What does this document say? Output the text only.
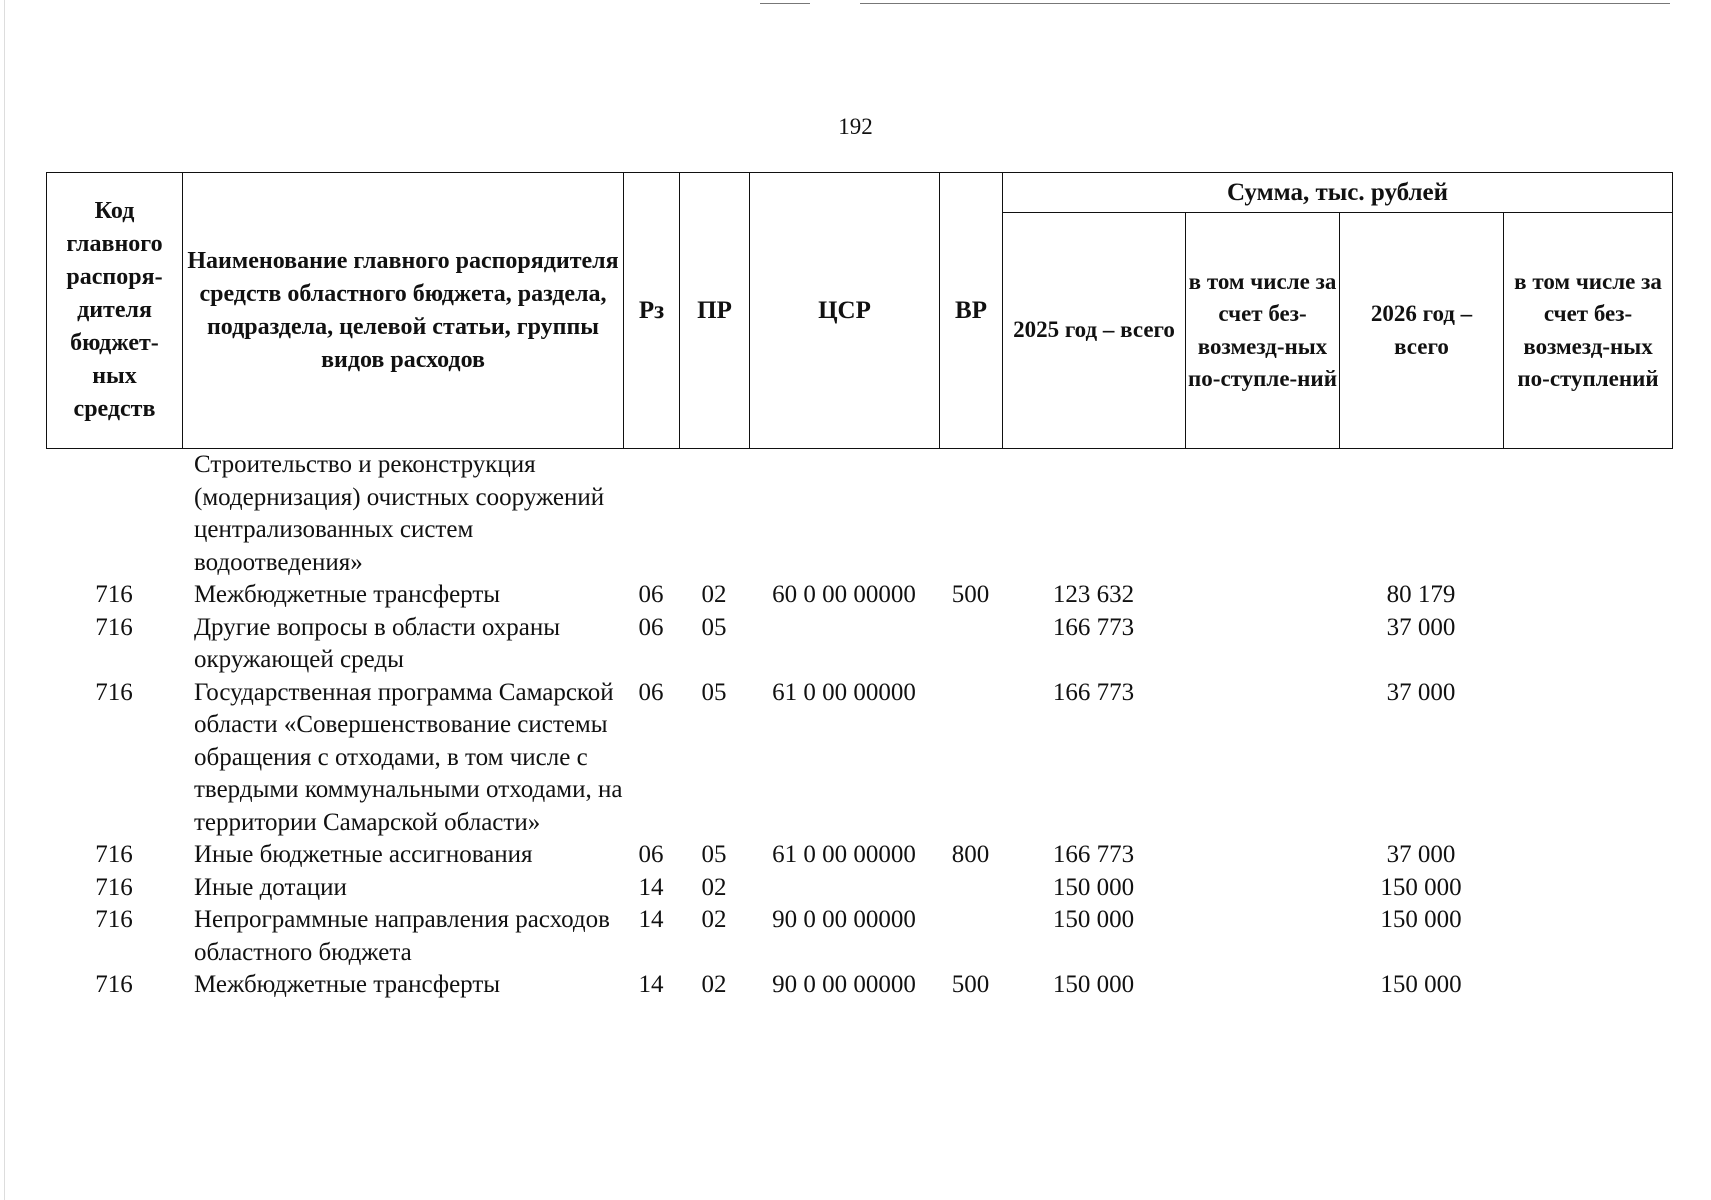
192
Код главного распоря-дителя бюджет-ных средств	Наименование главного распорядителя средств областного бюджета, раздела, подраздела, целевой статьи, группы видов расходов	Рз	ПР	ЦСР	ВР	Сумма, тыс. рублей			
						2025 год – всего	в том числе за счет без-возмезд-ных по-ступле-ний	2026 год – всего	в том числе за счет без-возмезд-ных по-ступлений
	Строительство и реконструкция (модернизация) очистных сооружений централизованных систем водоотведения»								

716	Межбюджетные трансферты	06	02	60 0 00 00000	500	123 632		80 179	

716	Другие вопросы в области охраны окружающей среды	06	05			166 773		37 000	

716	Государственная программа Самарской области «Совершенствование системы обращения с отходами, в том числе с твердыми коммунальными отходами, на территории Самарской области»	06	05	61 0 00 00000		166 773		37 000	

716	Иные бюджетные ассигнования	06	05	61 0 00 00000	800	166 773		37 000	

716	Иные дотации	14	02			150 000		150 000	

716	Непрограммные направления расходов областного бюджета	14	02	90 0 00 00000		150 000		150 000	

716	Межбюджетные трансферты	14	02	90 0 00 00000	500	150 000		150 000	
